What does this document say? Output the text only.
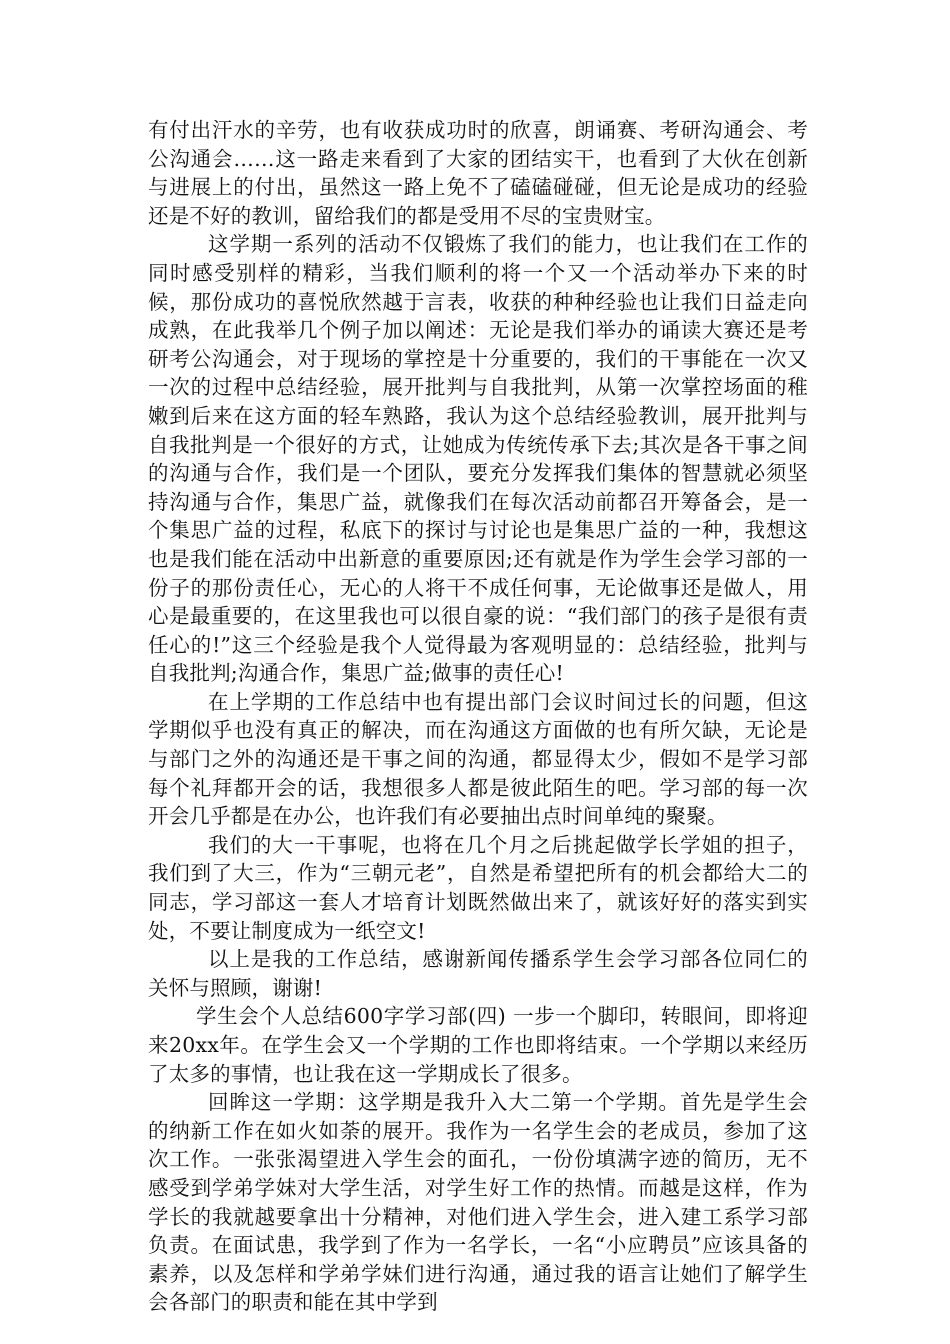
有付出汗水的辛劳，也有收获成功时的欣喜，朗诵赛、考研沟通会、考公沟通会……这一路走来看到了大家的团结实干，也看到了大伙在创新与进展上的付出，虽然这一路上免不了磕磕碰碰，但无论是成功的经验还是不好的教训，留给我们的都是受用不尽的宝贵财宝。

这学期一系列的活动不仅锻炼了我们的能力，也让我们在工作的同时感受别样的精彩，当我们顺利的将一个又一个活动举办下来的时候，那份成功的喜悦欣然越于言表，收获的种种经验也让我们日益走向成熟，在此我举几个例子加以阐述：无论是我们举办的诵读大赛还是考研考公沟通会，对于现场的掌控是十分重要的，我们的干事能在一次又一次的过程中总结经验，展开批判与自我批判，从第一次掌控场面的稚嫩到后来在这方面的轻车熟路，我认为这个总结经验教训，展开批判与自我批判是一个很好的方式，让她成为传统传承下去;其次是各干事之间的沟通与合作，我们是一个团队，要充分发挥我们集体的智慧就必须坚持沟通与合作，集思广益，就像我们在每次活动前都召开筹备会，是一个集思广益的过程，私底下的探讨与讨论也是集思广益的一种，我想这也是我们能在活动中出新意的重要原因;还有就是作为学生会学习部的一份子的那份责任心，无心的人将干不成任何事，无论做事还是做人，用心是最重要的，在这里我也可以很自豪的说：“我们部门的孩子是很有责任心的!”这三个经验是我个人觉得最为客观明显的：总结经验，批判与自我批判;沟通合作，集思广益;做事的责任心!

在上学期的工作总结中也有提出部门会议时间过长的问题，但这学期似乎也没有真正的解决，而在沟通这方面做的也有所欠缺，无论是与部门之外的沟通还是干事之间的沟通，都显得太少，假如不是学习部每个礼拜都开会的话，我想很多人都是彼此陌生的吧。学习部的每一次开会几乎都是在办公，也许我们有必要抽出点时间单纯的聚聚。

我们的大一干事呢，也将在几个月之后挑起做学长学姐的担子，我们到了大三，作为“三朝元老”，自然是希望把所有的机会都给大二的同志，学习部这一套人才培育计划既然做出来了，就该好好的落实到实处，不要让制度成为一纸空文!

以上是我的工作总结，感谢新闻传播系学生会学习部各位同仁的关怀与照顾，谢谢!

学生会个人总结600字学习部(四) 一步一个脚印，转眼间，即将迎来20xx年。在学生会又一个学期的工作也即将结束。一个学期以来经历了太多的事情，也让我在这一学期成长了很多。

回眸这一学期：这学期是我升入大二第一个学期。首先是学生会的纳新工作在如火如荼的展开。我作为一名学生会的老成员，参加了这次工作。一张张渴望进入学生会的面孔，一份份填满字迹的简历，无不感受到学弟学妹对大学生活，对学生好工作的热情。而越是这样，作为学长的我就越要拿出十分精神，对他们进入学生会，进入建工系学习部负责。在面试患，我学到了作为一名学长，一名“小应聘员”应该具备的素养，以及怎样和学弟学妹们进行沟通，通过我的语言让她们了解学生会各部门的职责和能在其中学到
